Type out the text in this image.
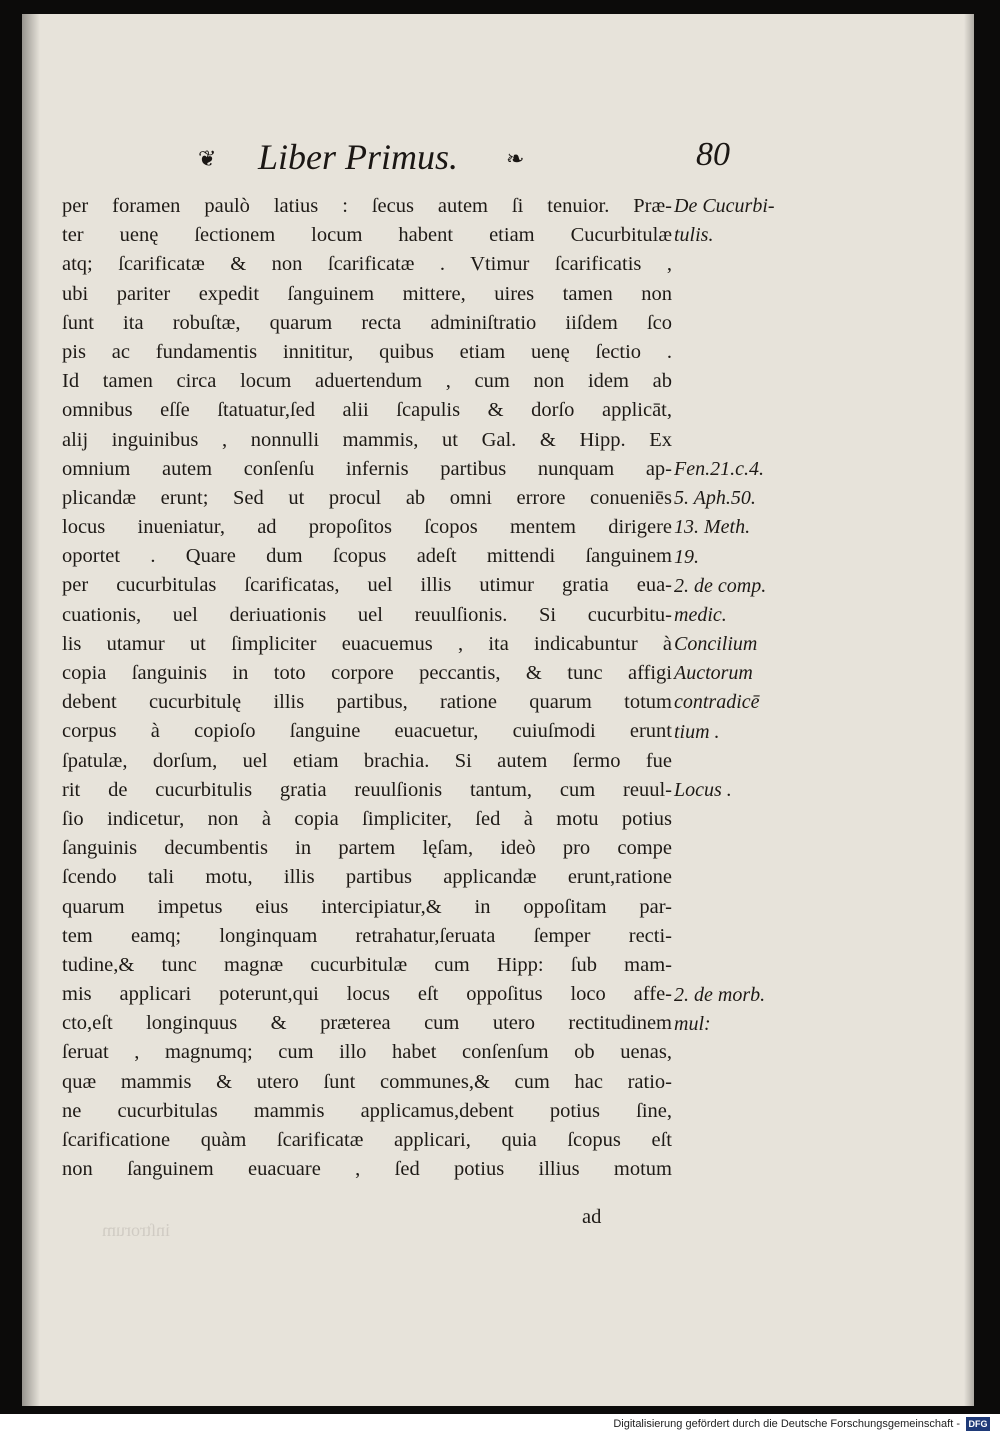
❦ Liber Primus. ❧	80
per foramen paulò latius : ſecus autem ſi tenuior. Præ-
ter uenę ſectionem locum habent etiam Cucurbitulæ
atq; ſcarificatæ & non ſcarificatæ . Vtimur ſcarificatis ,
ubi pariter expedit ſanguinem mittere, uires tamen non
ſunt ita robuſtæ, quarum recta adminiſtratio iiſdem ſco
pis ac fundamentis innititur, quibus etiam uenę ſectio .
Id tamen circa locum aduertendum , cum non idem ab
omnibus eſſe ſtatuatur,ſed alii ſcapulis & dorſo applicāt,
alij inguinibus , nonnulli mammis, ut Gal. & Hipp. Ex
omnium autem conſenſu infernis partibus nunquam ap-
plicandæ erunt; Sed ut procul ab omni errore conueniēs
locus inueniatur, ad propoſitos ſcopos mentem dirigere
oportet . Quare dum ſcopus adeſt mittendi ſanguinem
per cucurbitulas ſcarificatas, uel illis utimur gratia eua-
cuationis, uel deriuationis uel reuulſionis. Si cucurbitu-
lis utamur ut ſimpliciter euacuemus , ita indicabuntur à
copia ſanguinis in toto corpore peccantis, & tunc affigi
debent cucurbitulę illis partibus, ratione quarum totum
corpus à copioſo ſanguine euacuetur, cuiuſmodi erunt
ſpatulæ, dorſum, uel etiam brachia. Si autem ſermo fue
rit de cucurbitulis gratia reuulſionis tantum, cum reuul-
ſio indicetur, non à copia ſimpliciter, ſed à motu potius
ſanguinis decumbentis in partem lęſam, ideò pro compe
ſcendo tali motu, illis partibus applicandæ erunt,ratione
quarum impetus eius intercipiatur,& in oppoſitam par-
tem eamq; longinquam retrahatur,ſeruata ſemper recti-
tudine,& tunc magnæ cucurbitulæ cum Hipp: ſub mam-
mis applicari poterunt,qui locus eſt oppoſitus loco affe-
cto,eſt longinquus & præterea cum utero rectitudinem
ſeruat , magnumq; cum illo habet conſenſum ob uenas,
quæ mammis & utero ſunt communes,& cum hac ratio-
ne cucurbitulas mammis applicamus,debent potius ſine,
ſcarificatione quàm ſcarificatæ applicari, quia ſcopus eſt
non ſanguinem euacuare , ſed potius illius motum
ad
De Cucurbi-
tulis.
Fen.21.c.4.
5. Aph.50.
13. Meth.
19.
2. de comp.
medic.
Concilium
Auctorum
contradicē
tium .
Locus .
2. de morb.
mul:
inſtrorum
Digitalisierung gefördert durch die Deutsche Forschungsgemeinschaft - DFG
